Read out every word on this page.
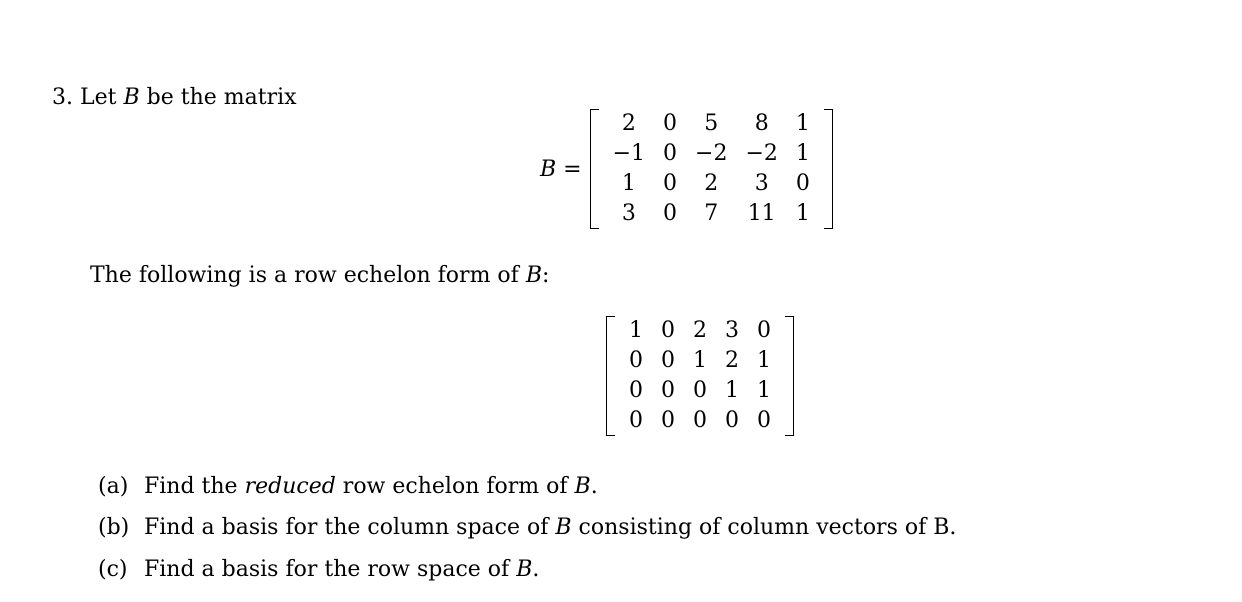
3. Let B be the matrix
B =
2	0	5	8	1
−1	0	−2	−2	1
1	0	2	3	0
3	0	7	11	1
The following is a row echelon form of B:
1	0	2	3	0
0	0	1	2	1
0	0	0	1	1
0	0	0	0	0
(a) Find the reduced row echelon form of B.
(b) Find a basis for the column space of B consisting of column vectors of B.
(c) Find a basis for the row space of B.
